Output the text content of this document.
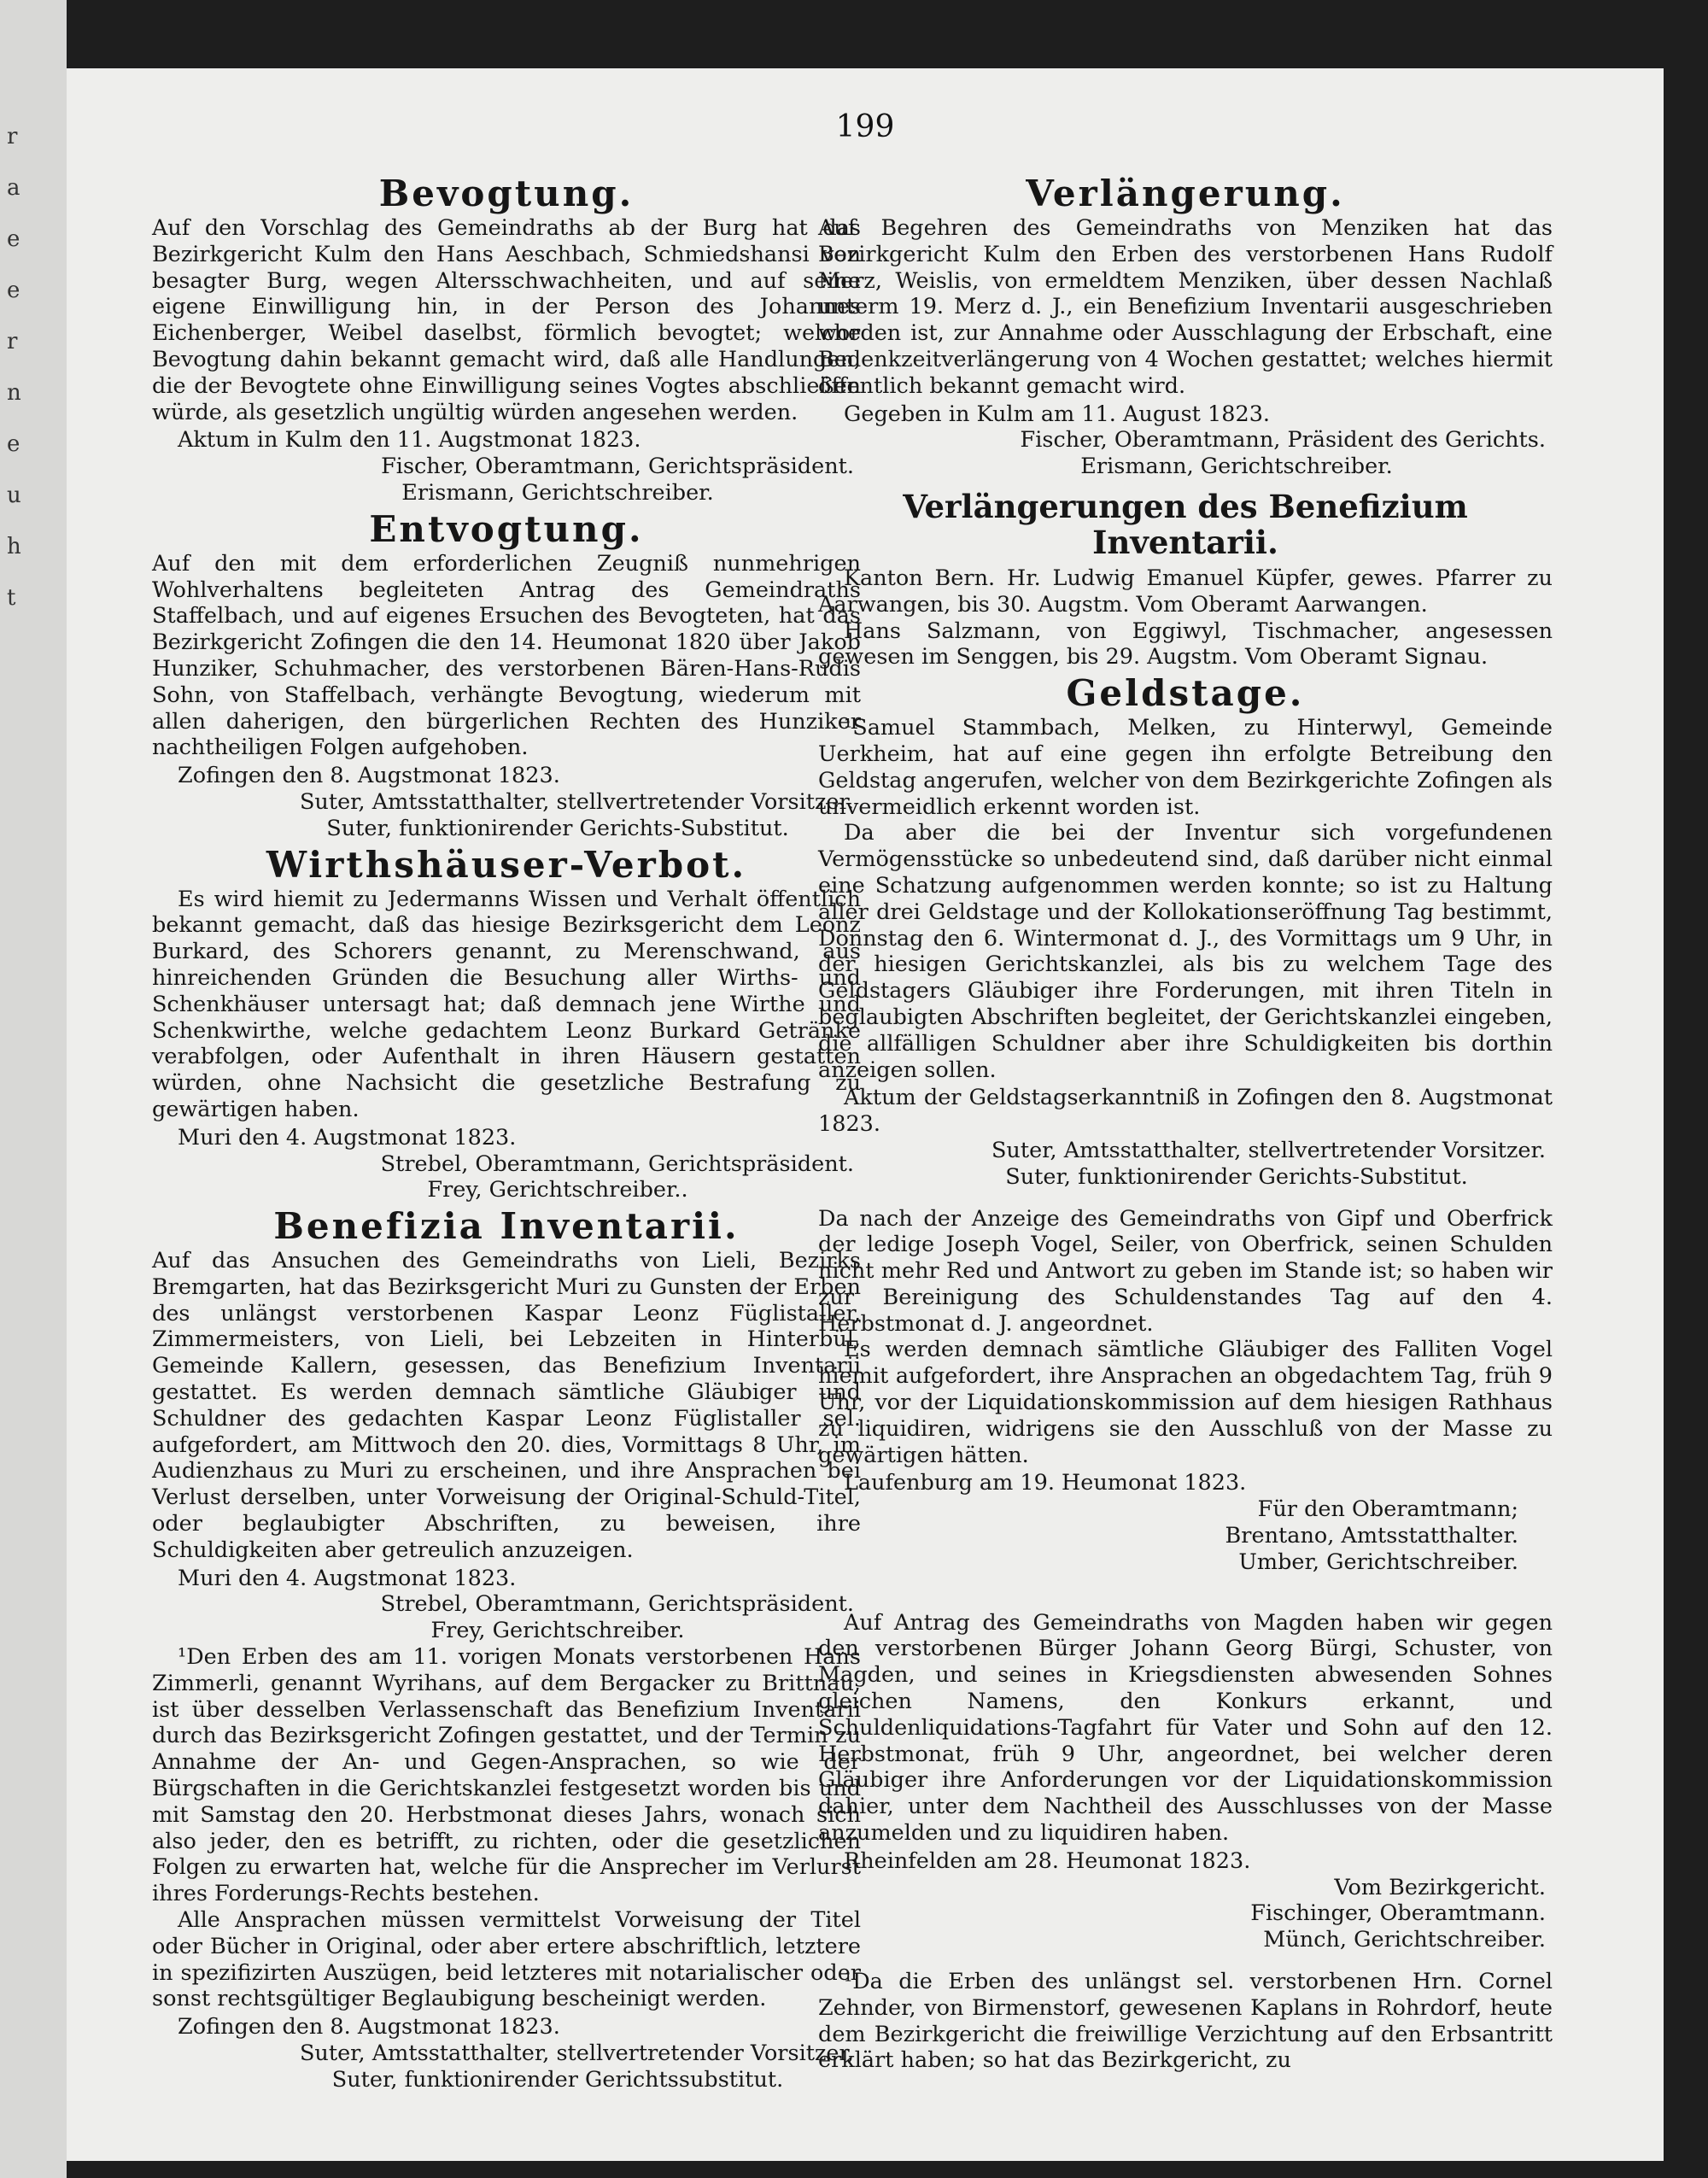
r
a
e
e
r
n
e
u
h
t
199
Bevogtung.

Auf den Vorschlag des Gemeindraths ab der Burg hat das Bezirkgericht Kulm den Hans Aeschbach, Schmiedshansi von besagter Burg, wegen Altersschwachheiten, und auf seine eigene Einwilligung hin, in der Person des Johannes Eichenberger, Weibel daselbst, förmlich bevogtet; welche Bevogtung dahin bekannt gemacht wird, daß alle Handlungen, die der Bevogtete ohne Einwilligung seines Vogtes abschließen würde, als gesetzlich ungültig würden angesehen werden.

Aktum in Kulm den 11. Augstmonat 1823.

Fischer, Oberamtmann, Gerichtspräsident.

Erismann, Gerichtschreiber.

Entvogtung.

Auf den mit dem erforderlichen Zeugniß nunmehrigen Wohlverhaltens begleiteten Antrag des Gemeindraths Staffelbach, und auf eigenes Ersuchen des Bevogteten, hat das Bezirkgericht Zofingen die den 14. Heumonat 1820 über Jakob Hunziker, Schuhmacher, des verstorbenen Bären-Hans-Rudis Sohn, von Staffelbach, verhängte Bevogtung, wiederum mit allen daherigen, den bürgerlichen Rechten des Hunziker nachtheiligen Folgen aufgehoben.

Zofingen den 8. Augstmonat 1823.

Suter, Amtsstatthalter, stellvertretender Vorsitzer.

Suter, funktionirender Gerichts-Substitut.

Wirthshäuser-Verbot.

Es wird hiemit zu Jedermanns Wissen und Verhalt öffentlich bekannt gemacht, daß das hiesige Bezirksgericht dem Leonz Burkard, des Schorers genannt, zu Merenschwand, aus hinreichenden Gründen die Besuchung aller Wirths- und Schenkhäuser untersagt hat; daß demnach jene Wirthe und Schenkwirthe, welche gedachtem Leonz Burkard Getränke verabfolgen, oder Aufenthalt in ihren Häusern gestatten würden, ohne Nachsicht die gesetzliche Bestrafung zu gewärtigen haben.

Muri den 4. Augstmonat 1823.

Strebel, Oberamtmann, Gerichtspräsident.

Frey, Gerichtschreiber..

Benefizia Inventarii.

Auf das Ansuchen des Gemeindraths von Lieli, Bezirks Bremgarten, hat das Bezirksgericht Muri zu Gunsten der Erben des unlängst verstorbenen Kaspar Leonz Füglistaller, Zimmermeisters, von Lieli, bei Lebzeiten in Hinterbül, Gemeinde Kallern, gesessen, das Benefizium Inventarii gestattet. Es werden demnach sämtliche Gläubiger und Schuldner des gedachten Kaspar Leonz Füglistaller sel. aufgefordert, am Mittwoch den 20. dies, Vormittags 8 Uhr, im Audienzhaus zu Muri zu erscheinen, und ihre Ansprachen bei Verlust derselben, unter Vorweisung der Original-Schuld-Titel, oder beglaubigter Abschriften, zu beweisen, ihre Schuldigkeiten aber getreulich anzuzeigen.

Muri den 4. Augstmonat 1823.

Strebel, Oberamtmann, Gerichtspräsident.

Frey, Gerichtschreiber.

¹Den Erben des am 11. vorigen Monats verstorbenen Hans Zimmerli, genannt Wyrihans, auf dem Bergacker zu Brittnau, ist über desselben Verlassenschaft das Benefizium Inventarii durch das Bezirksgericht Zofingen gestattet, und der Termin zu Annahme der An- und Gegen-Ansprachen, so wie der Bürgschaften in die Gerichtskanzlei festgesetzt worden bis und mit Samstag den 20. Herbstmonat dieses Jahrs, wonach sich also jeder, den es betrifft, zu richten, oder die gesetzlichen Folgen zu erwarten hat, welche für die Ansprecher im Verlurst ihres Forderungs-Rechts bestehen.

Alle Ansprachen müssen vermittelst Vorweisung der Titel oder Bücher in Original, oder aber ertere abschriftlich, letztere in spezifizirten Auszügen, beid letzteres mit notarialischer oder sonst rechtsgültiger Beglaubigung bescheinigt werden.

Zofingen den 8. Augstmonat 1823.

Suter, Amtsstatthalter, stellvertretender Vorsitzer,

Suter, funktionirender Gerichtssubstitut.

Verlängerung.

Auf Begehren des Gemeindraths von Menziken hat das Bezirkgericht Kulm den Erben des verstorbenen Hans Rudolf Merz, Weislis, von ermeldtem Menziken, über dessen Nachlaß unterm 19. Merz d. J., ein Benefizium Inventarii ausgeschrieben worden ist, zur Annahme oder Ausschlagung der Erbschaft, eine Bedenkzeitverlängerung von 4 Wochen gestattet; welches hiermit öffentlich bekannt gemacht wird.

Gegeben in Kulm am 11. August 1823.

Fischer, Oberamtmann, Präsident des Gerichts.

Erismann, Gerichtschreiber.

Verlängerungen des Benefizium Inventarii.

Kanton Bern. Hr. Ludwig Emanuel Küpfer, gewes. Pfarrer zu Aarwangen, bis 30. Augstm. Vom Oberamt Aarwangen.

Hans Salzmann, von Eggiwyl, Tischmacher, angesessen gewesen im Senggen, bis 29. Augstm. Vom Oberamt Signau.

Geldstage.

¹Samuel Stammbach, Melken, zu Hinterwyl, Gemeinde Uerkheim, hat auf eine gegen ihn erfolgte Betreibung den Geldstag angerufen, welcher von dem Bezirkgerichte Zofingen als unvermeidlich erkennt worden ist.

Da aber die bei der Inventur sich vorgefundenen Vermögensstücke so unbedeutend sind, daß darüber nicht einmal eine Schatzung aufgenommen werden konnte; so ist zu Haltung aller drei Geldstage und der Kollokationseröffnung Tag bestimmt, Donnstag den 6. Wintermonat d. J., des Vormittags um 9 Uhr, in der hiesigen Gerichtskanzlei, als bis zu welchem Tage des Geldstagers Gläubiger ihre Forderungen, mit ihren Titeln in beglaubigten Abschriften begleitet, der Gerichtskanzlei eingeben, die allfälligen Schuldner aber ihre Schuldigkeiten bis dorthin anzeigen sollen.

Aktum der Geldstagserkanntniß in Zofingen den 8. Augstmonat 1823.

Suter, Amtsstatthalter, stellvertretender Vorsitzer.

Suter, funktionirender Gerichts-Substitut.

Da nach der Anzeige des Gemeindraths von Gipf und Oberfrick der ledige Joseph Vogel, Seiler, von Oberfrick, seinen Schulden nicht mehr Red und Antwort zu geben im Stande ist; so haben wir zur Bereinigung des Schuldenstandes Tag auf den 4. Herbstmonat d. J. angeordnet.

Es werden demnach sämtliche Gläubiger des Falliten Vogel hiemit aufgefordert, ihre Ansprachen an obgedachtem Tag, früh 9 Uhr, vor der Liquidationskommission auf dem hiesigen Rathhaus zu liquidiren, widrigens sie den Ausschluß von der Masse zu gewärtigen hätten.

Laufenburg am 19. Heumonat 1823.

Für den Oberamtmann;

Brentano, Amtsstatthalter.

Umber, Gerichtschreiber.

Auf Antrag des Gemeindraths von Magden haben wir gegen den verstorbenen Bürger Johann Georg Bürgi, Schuster, von Magden, und seines in Kriegsdiensten abwesenden Sohnes gleichen Namens, den Konkurs erkannt, und Schuldenliquidations-Tagfahrt für Vater und Sohn auf den 12. Herbstmonat, früh 9 Uhr, angeordnet, bei welcher deren Gläubiger ihre Anforderungen vor der Liquidationskommission dahier, unter dem Nachtheil des Ausschlusses von der Masse anzumelden und zu liquidiren haben.

Rheinfelden am 28. Heumonat 1823.

Vom Bezirkgericht.

Fischinger, Oberamtmann.

Münch, Gerichtschreiber.

¹Da die Erben des unlängst sel. verstorbenen Hrn. Cornel Zehnder, von Birmenstorf, gewesenen Kaplans in Rohrdorf, heute dem Bezirkgericht die freiwillige Verzichtung auf den Erbsantritt erklärt haben; so hat das Bezirkgericht, zu
